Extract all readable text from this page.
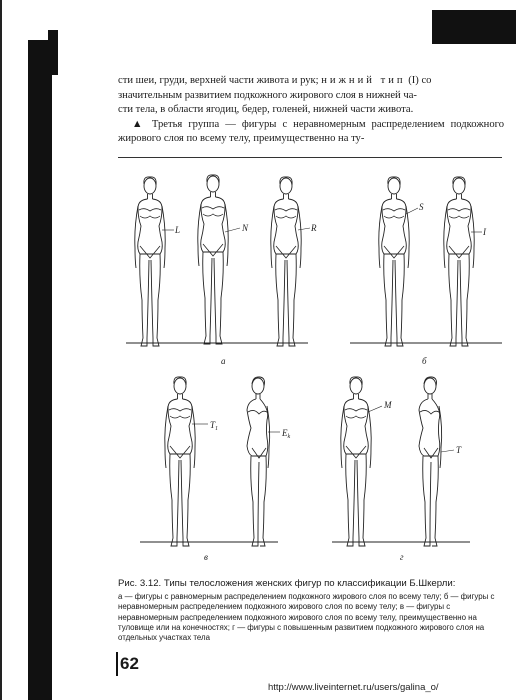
сти шеи, груди, верхней части живота и рук; нижний тип (I) со
значительным развитием подкожного жирового слоя в нижней ча-
сти тела, в области ягодиц, бедер, голеней, нижней части живота.

▲ Третья группа — фигуры с неравномерным распределением подкожного жирового слоя по всему телу, преимущественно на ту-

L	N	R
а
S
I
б
$T_1$	$E_k$
в
M
T
г

Рис. 3.12. Типы телосложения женских фигур по классификации Б.Шкерли:

а — фигуры с равномерным распределением подкожного жирового слоя по всему телу; б — фигуры с неравномерным распределением подкожного жирового слоя по всему телу; в — фигуры с неравномерным распределением подкожного жирового слоя по всему телу, преимущественно на туловище или на конечностях; г — фигуры с повышенным развитием подкожного жирового слоя на отдельных участках тела

62
http://www.liveinternet.ru/users/galina_o/
